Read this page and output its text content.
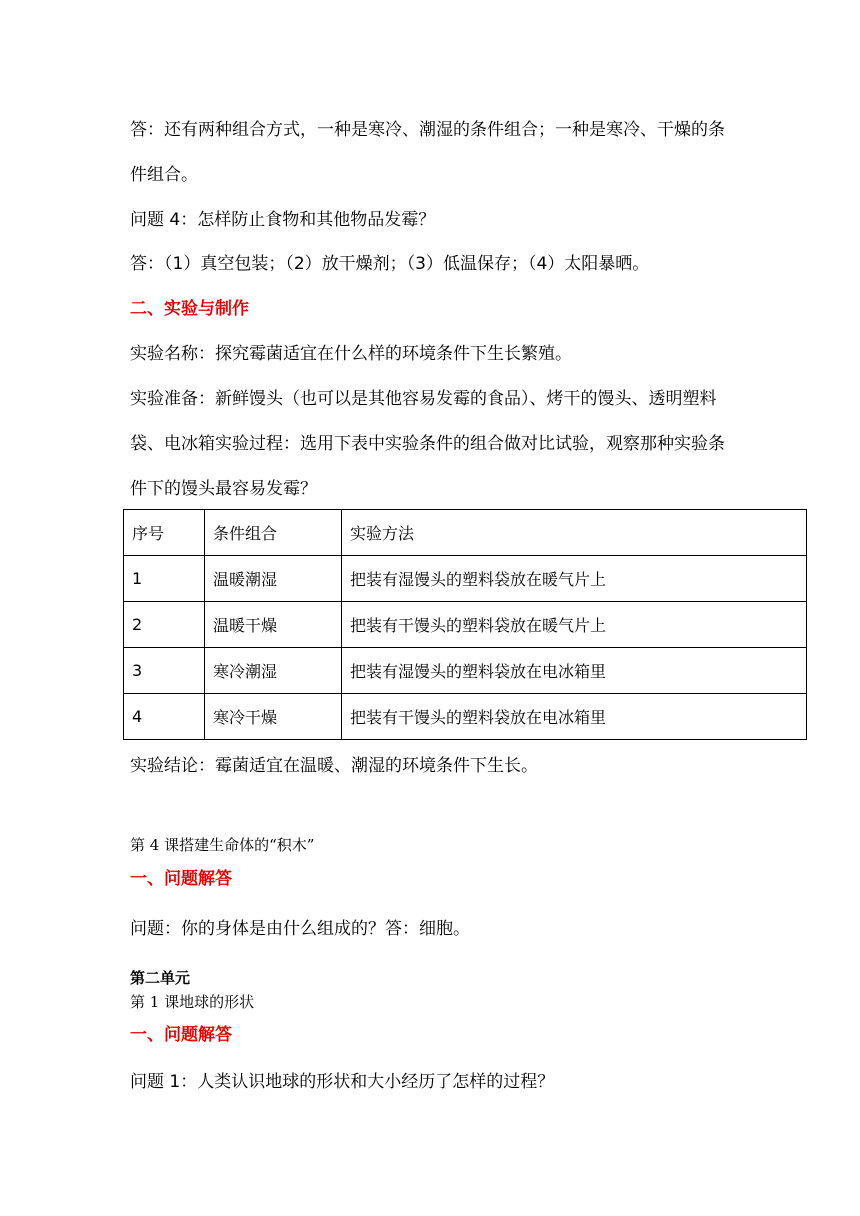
答：还有两种组合方式，一种是寒冷、潮湿的条件组合；一种是寒冷、干燥的条

件组合。

问题 4：怎样防止食物和其他物品发霉？

答：（1）真空包装；（2）放干燥剂；（3）低温保存；（4）太阳暴晒。

二、实验与制作

实验名称：探究霉菌适宜在什么样的环境条件下生长繁殖。

实验准备：新鲜馒头（也可以是其他容易发霉的食品）、烤干的馒头、透明塑料

袋、电冰箱实验过程：选用下表中实验条件的组合做对比试验，观察那种实验条

件下的馒头最容易发霉？

序号	条件组合	实验方法
1	温暖潮湿	把装有湿馒头的塑料袋放在暖气片上
2	温暖干燥	把装有干馒头的塑料袋放在暖气片上
3	寒冷潮湿	把装有湿馒头的塑料袋放在电冰箱里
4	寒冷干燥	把装有干馒头的塑料袋放在电冰箱里

实验结论：霉菌适宜在温暖、潮湿的环境条件下生长。

第 4 课搭建生命体的“积木”

一、问题解答

问题：你的身体是由什么组成的？答：细胞。

第二单元

第 1 课地球的形状

一、问题解答

问题 1：人类认识地球的形状和大小经历了怎样的过程？
